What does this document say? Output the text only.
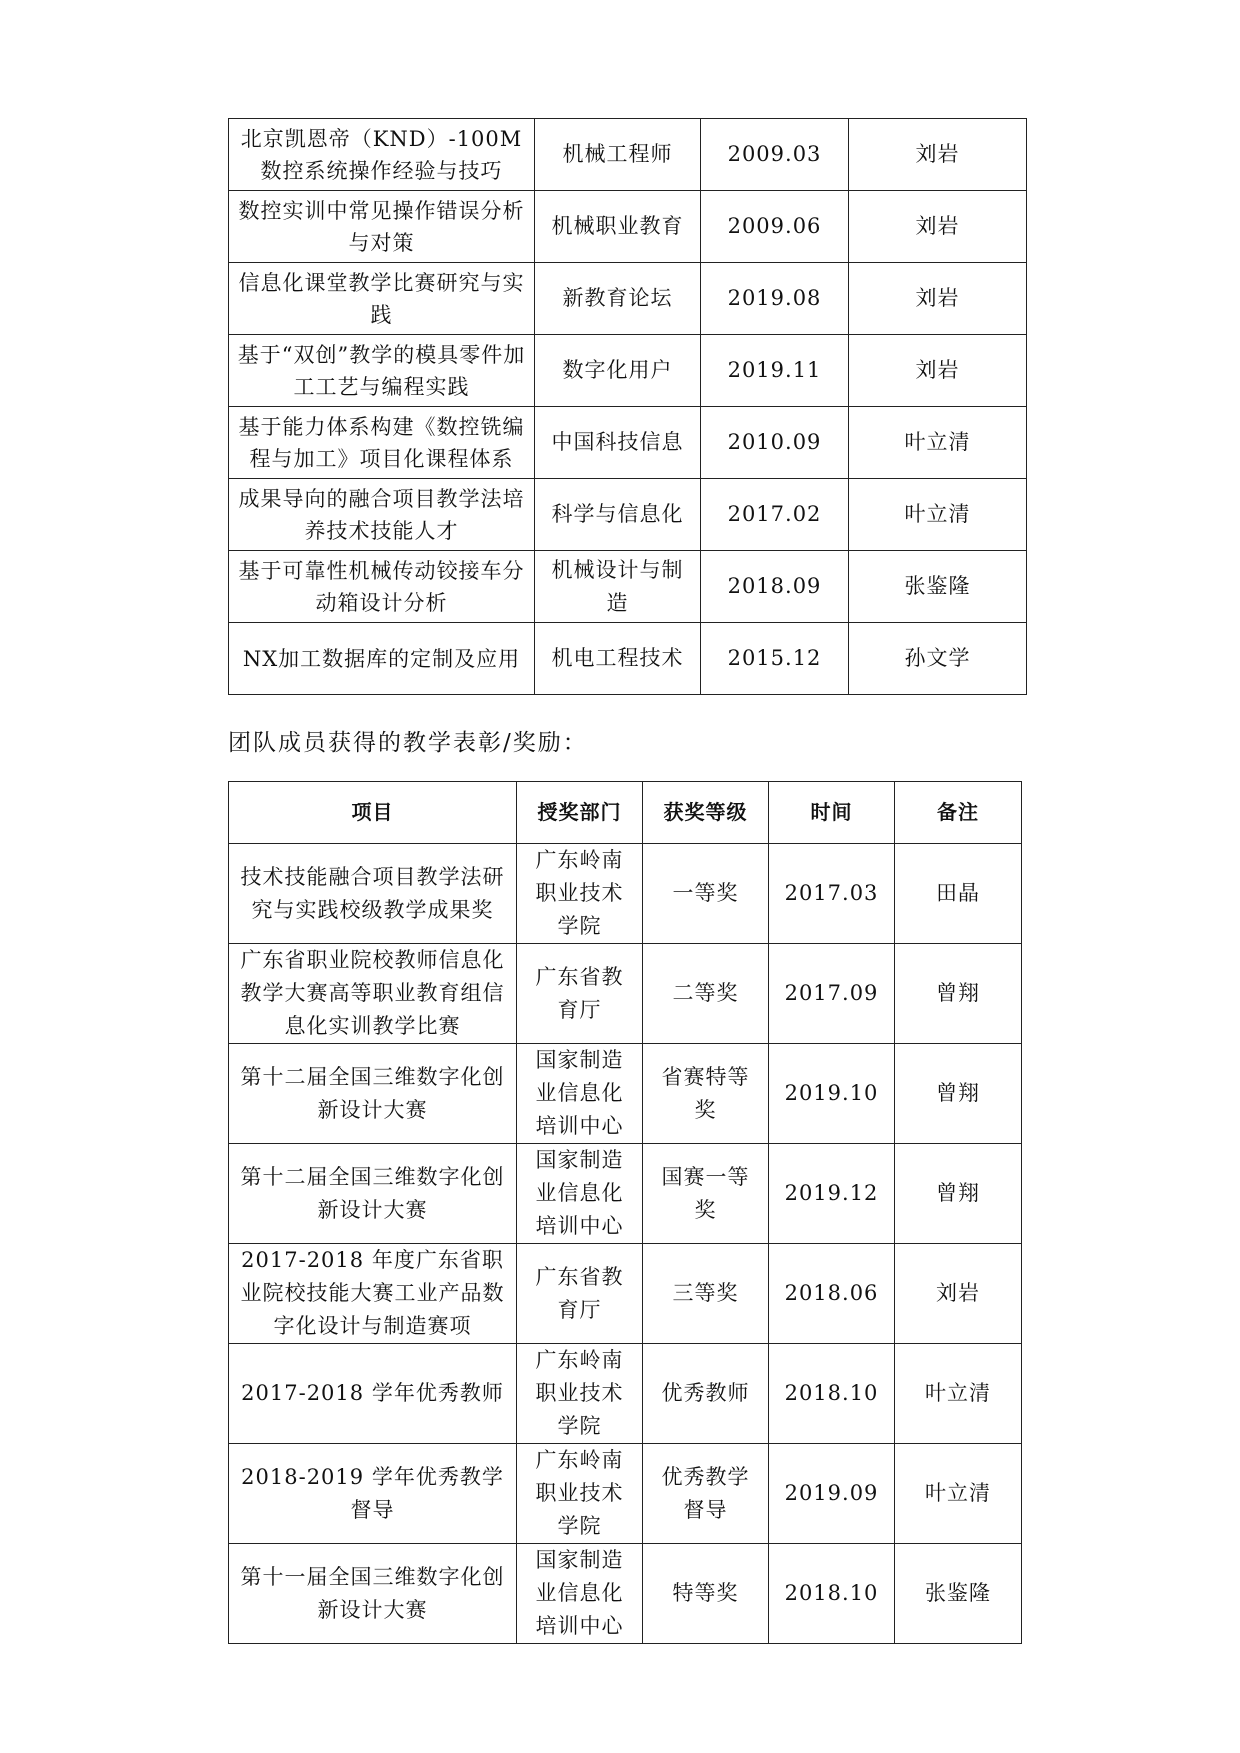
北京凯恩帝（KND）-100M数控系统操作经验与技巧	机械工程师	2009.03	刘岩
数控实训中常见操作错误分析与对策	机械职业教育	2009.06	刘岩
信息化课堂教学比赛研究与实践	新教育论坛	2019.08	刘岩
基于“双创”教学的模具零件加工工艺与编程实践	数字化用户	2019.11	刘岩
基于能力体系构建《数控铣编程与加工》项目化课程体系	中国科技信息	2010.09	叶立清
成果导向的融合项目教学法培养技术技能人才	科学与信息化	2017.02	叶立清
基于可靠性机械传动铰接车分动箱设计分析	机械设计与制造	2018.09	张鉴隆
NX加工数据库的定制及应用	机电工程技术	2015.12	孙文学

团队成员获得的教学表彰/奖励：

项目	授奖部门	获奖等级	时间	备注
技术技能融合项目教学法研究与实践校级教学成果奖	广东岭南职业技术学院	一等奖	2017.03	田晶
广东省职业院校教师信息化教学大赛高等职业教育组信息化实训教学比赛	广东省教育厅	二等奖	2017.09	曾翔
第十二届全国三维数字化创新设计大赛	国家制造业信息化培训中心	省赛特等奖	2019.10	曾翔
第十二届全国三维数字化创新设计大赛	国家制造业信息化培训中心	国赛一等奖	2019.12	曾翔
2017-2018 年度广东省职业院校技能大赛工业产品数字化设计与制造赛项	广东省教育厅	三等奖	2018.06	刘岩
2017-2018 学年优秀教师	广东岭南职业技术学院	优秀教师	2018.10	叶立清
2018-2019 学年优秀教学督导	广东岭南职业技术学院	优秀教学督导	2019.09	叶立清
第十一届全国三维数字化创新设计大赛	国家制造业信息化培训中心	特等奖	2018.10	张鉴隆
